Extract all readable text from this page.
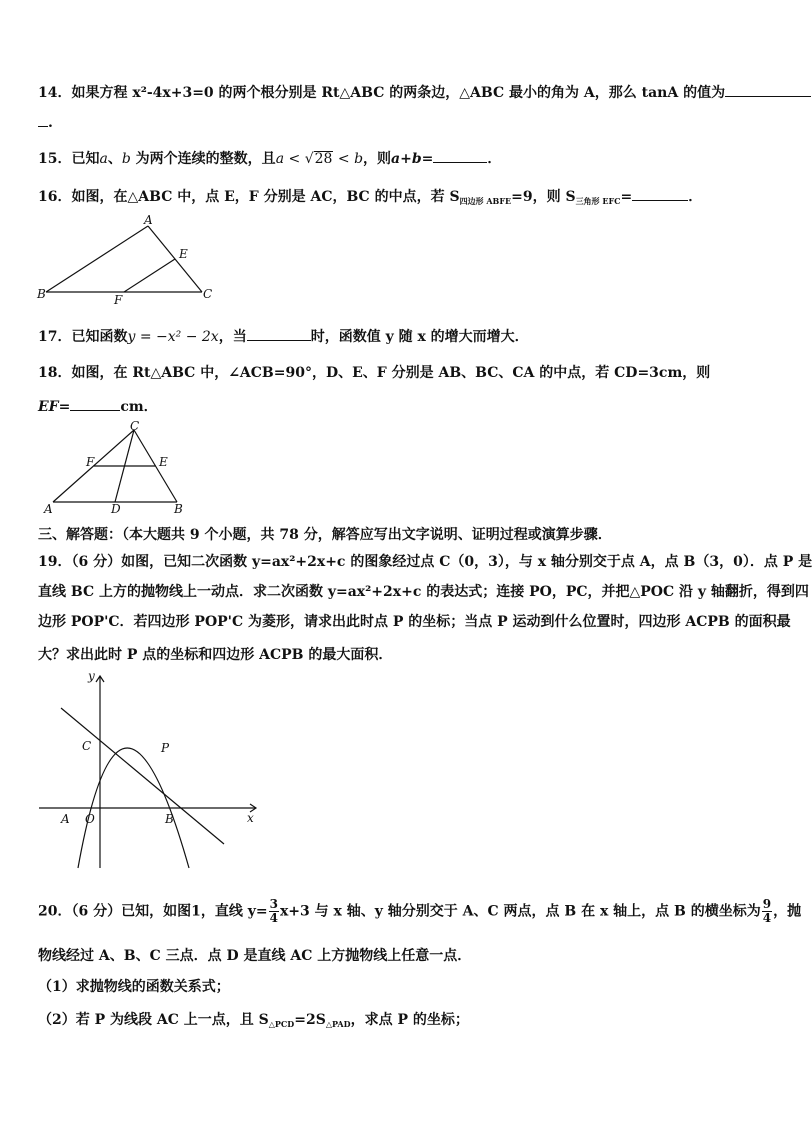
14．如果方程 x²-4x+3=0 的两个根分别是 Rt△ABC 的两条边，△ABC 最小的角为 A，那么 tanA 的值为
.
15．已知a、b 为两个连续的整数，且a < √28 < b，则a+b=	．
16．如图，在△ABC 中，点 E，F 分别是 AC，BC 的中点，若 $S_{四边形 ABFE}=9$，则 $S_{三角形 EFC}=$	．
A
B	C
E
F
17．已知函数y = −x² − 2x，当	时，函数值 y 随 x 的增大而增大．
18．如图，在 Rt△ABC 中，∠ACB=90°，D、E、F 分别是 AB、BC、CA 的中点，若 CD=3cm，则
EF=	cm．
C
F	E
A	D	B
三、解答题：（本大题共 9 个小题，共 78 分，解答应写出文字说明、证明过程或演算步骤．
19．（6 分）如图，已知二次函数 y=ax²+2x+c 的图象经过点 C（0，3），与 x 轴分别交于点 A，点 B（3，0）．点 P 是
直线 BC 上方的抛物线上一动点．求二次函数 y=ax²+2x+c 的表达式；连接 PO，PC，并把△POC 沿 y 轴翻折，得到四
边形 POP'C．若四边形 POP'C 为菱形，请求出此时点 P 的坐标；当点 P 运动到什么位置时，四边形 ACPB 的面积最
大？求出此时 P 点的坐标和四边形 ACPB 的最大面积．
y
x
C	P
A O	B
20．（6 分）已知，如图1，直线 $y= \frac{3}{4} x+3$ 与 x 轴、y 轴分别交于 A、C 两点，点 B 在 x 轴上，点 B 的横坐标为 $\frac{9}{4}$ ，抛
物线经过 A、B、C 三点．点 D 是直线 AC 上方抛物线上任意一点．
（1）求抛物线的函数关系式；
（2）若 P 为线段 AC 上一点，且 $S_{\triangle PCD}=2S_{\triangle PAD}$，求点 P 的坐标；
